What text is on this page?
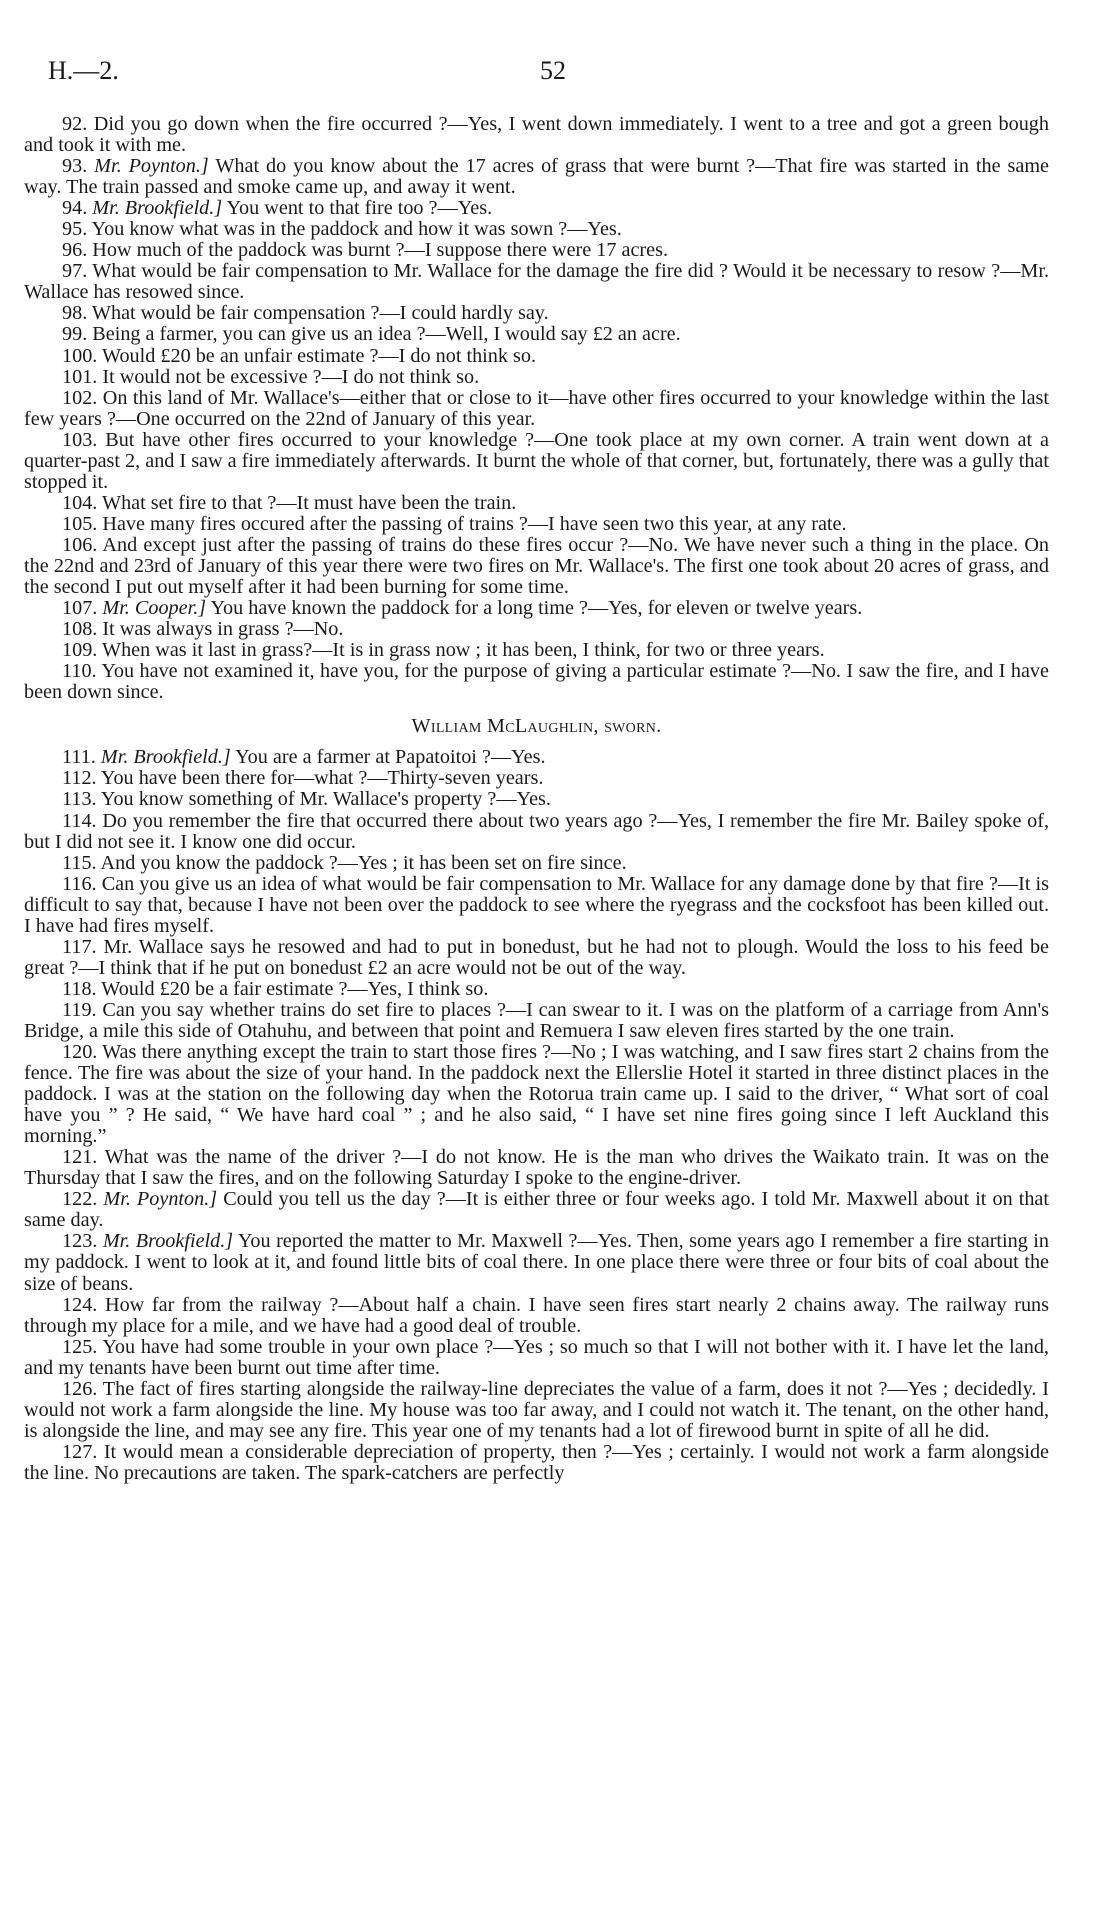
H.—2.	52

92. Did you go down when the fire occurred ?—Yes, I went down immediately. I went to a tree and got a green bough and took it with me.

93. Mr. Poynton.] What do you know about the 17 acres of grass that were burnt ?—That fire was started in the same way. The train passed and smoke came up, and away it went.

94. Mr. Brookfield.] You went to that fire too ?—Yes.

95. You know what was in the paddock and how it was sown ?—Yes.

96. How much of the paddock was burnt ?—I suppose there were 17 acres.

97. What would be fair compensation to Mr. Wallace for the damage the fire did ? Would it be necessary to resow ?—Mr. Wallace has resowed since.

98. What would be fair compensation ?—I could hardly say.

99. Being a farmer, you can give us an idea ?—Well, I would say £2 an acre.

100. Would £20 be an unfair estimate ?—I do not think so.

101. It would not be excessive ?—I do not think so.

102. On this land of Mr. Wallace's—either that or close to it—have other fires occurred to your knowledge within the last few years ?—One occurred on the 22nd of January of this year.

103. But have other fires occurred to your knowledge ?—One took place at my own corner. A train went down at a quarter-past 2, and I saw a fire immediately afterwards. It burnt the whole of that corner, but, fortunately, there was a gully that stopped it.

104. What set fire to that ?—It must have been the train.

105. Have many fires occured after the passing of trains ?—I have seen two this year, at any rate.

106. And except just after the passing of trains do these fires occur ?—No. We have never such a thing in the place. On the 22nd and 23rd of January of this year there were two fires on Mr. Wallace's. The first one took about 20 acres of grass, and the second I put out myself after it had been burning for some time.

107. Mr. Cooper.] You have known the paddock for a long time ?—Yes, for eleven or twelve years.

108. It was always in grass ?—No.

109. When was it last in grass?—It is in grass now ; it has been, I think, for two or three years.

110. You have not examined it, have you, for the purpose of giving a particular estimate ?—No. I saw the fire, and I have been down since.

William McLaughlin, sworn.

111. Mr. Brookfield.] You are a farmer at Papatoitoi ?—Yes.

112. You have been there for—what ?—Thirty-seven years.

113. You know something of Mr. Wallace's property ?—Yes.

114. Do you remember the fire that occurred there about two years ago ?—Yes, I remember the fire Mr. Bailey spoke of, but I did not see it. I know one did occur.

115. And you know the paddock ?—Yes ; it has been set on fire since.

116. Can you give us an idea of what would be fair compensation to Mr. Wallace for any damage done by that fire ?—It is difficult to say that, because I have not been over the paddock to see where the ryegrass and the cocksfoot has been killed out. I have had fires myself.

117. Mr. Wallace says he resowed and had to put in bonedust, but he had not to plough. Would the loss to his feed be great ?—I think that if he put on bonedust £2 an acre would not be out of the way.

118. Would £20 be a fair estimate ?—Yes, I think so.

119. Can you say whether trains do set fire to places ?—I can swear to it. I was on the platform of a carriage from Ann's Bridge, a mile this side of Otahuhu, and between that point and Remuera I saw eleven fires started by the one train.

120. Was there anything except the train to start those fires ?—No ; I was watching, and I saw fires start 2 chains from the fence. The fire was about the size of your hand. In the paddock next the Ellerslie Hotel it started in three distinct places in the paddock. I was at the station on the following day when the Rotorua train came up. I said to the driver, “ What sort of coal have you ” ? He said, “ We have hard coal ” ; and he also said, “ I have set nine fires going since I left Auckland this morning.”

121. What was the name of the driver ?—I do not know. He is the man who drives the Waikato train. It was on the Thursday that I saw the fires, and on the following Saturday I spoke to the engine-driver.

122. Mr. Poynton.] Could you tell us the day ?—It is either three or four weeks ago. I told Mr. Maxwell about it on that same day.

123. Mr. Brookfield.] You reported the matter to Mr. Maxwell ?—Yes. Then, some years ago I remember a fire starting in my paddock. I went to look at it, and found little bits of coal there. In one place there were three or four bits of coal about the size of beans.

124. How far from the railway ?—About half a chain. I have seen fires start nearly 2 chains away. The railway runs through my place for a mile, and we have had a good deal of trouble.

125. You have had some trouble in your own place ?—Yes ; so much so that I will not bother with it. I have let the land, and my tenants have been burnt out time after time.

126. The fact of fires starting alongside the railway-line depreciates the value of a farm, does it not ?—Yes ; decidedly. I would not work a farm alongside the line. My house was too far away, and I could not watch it. The tenant, on the other hand, is alongside the line, and may see any fire. This year one of my tenants had a lot of firewood burnt in spite of all he did.

127. It would mean a considerable depreciation of property, then ?—Yes ; certainly. I would not work a farm alongside the line. No precautions are taken. The spark-catchers are perfectly
